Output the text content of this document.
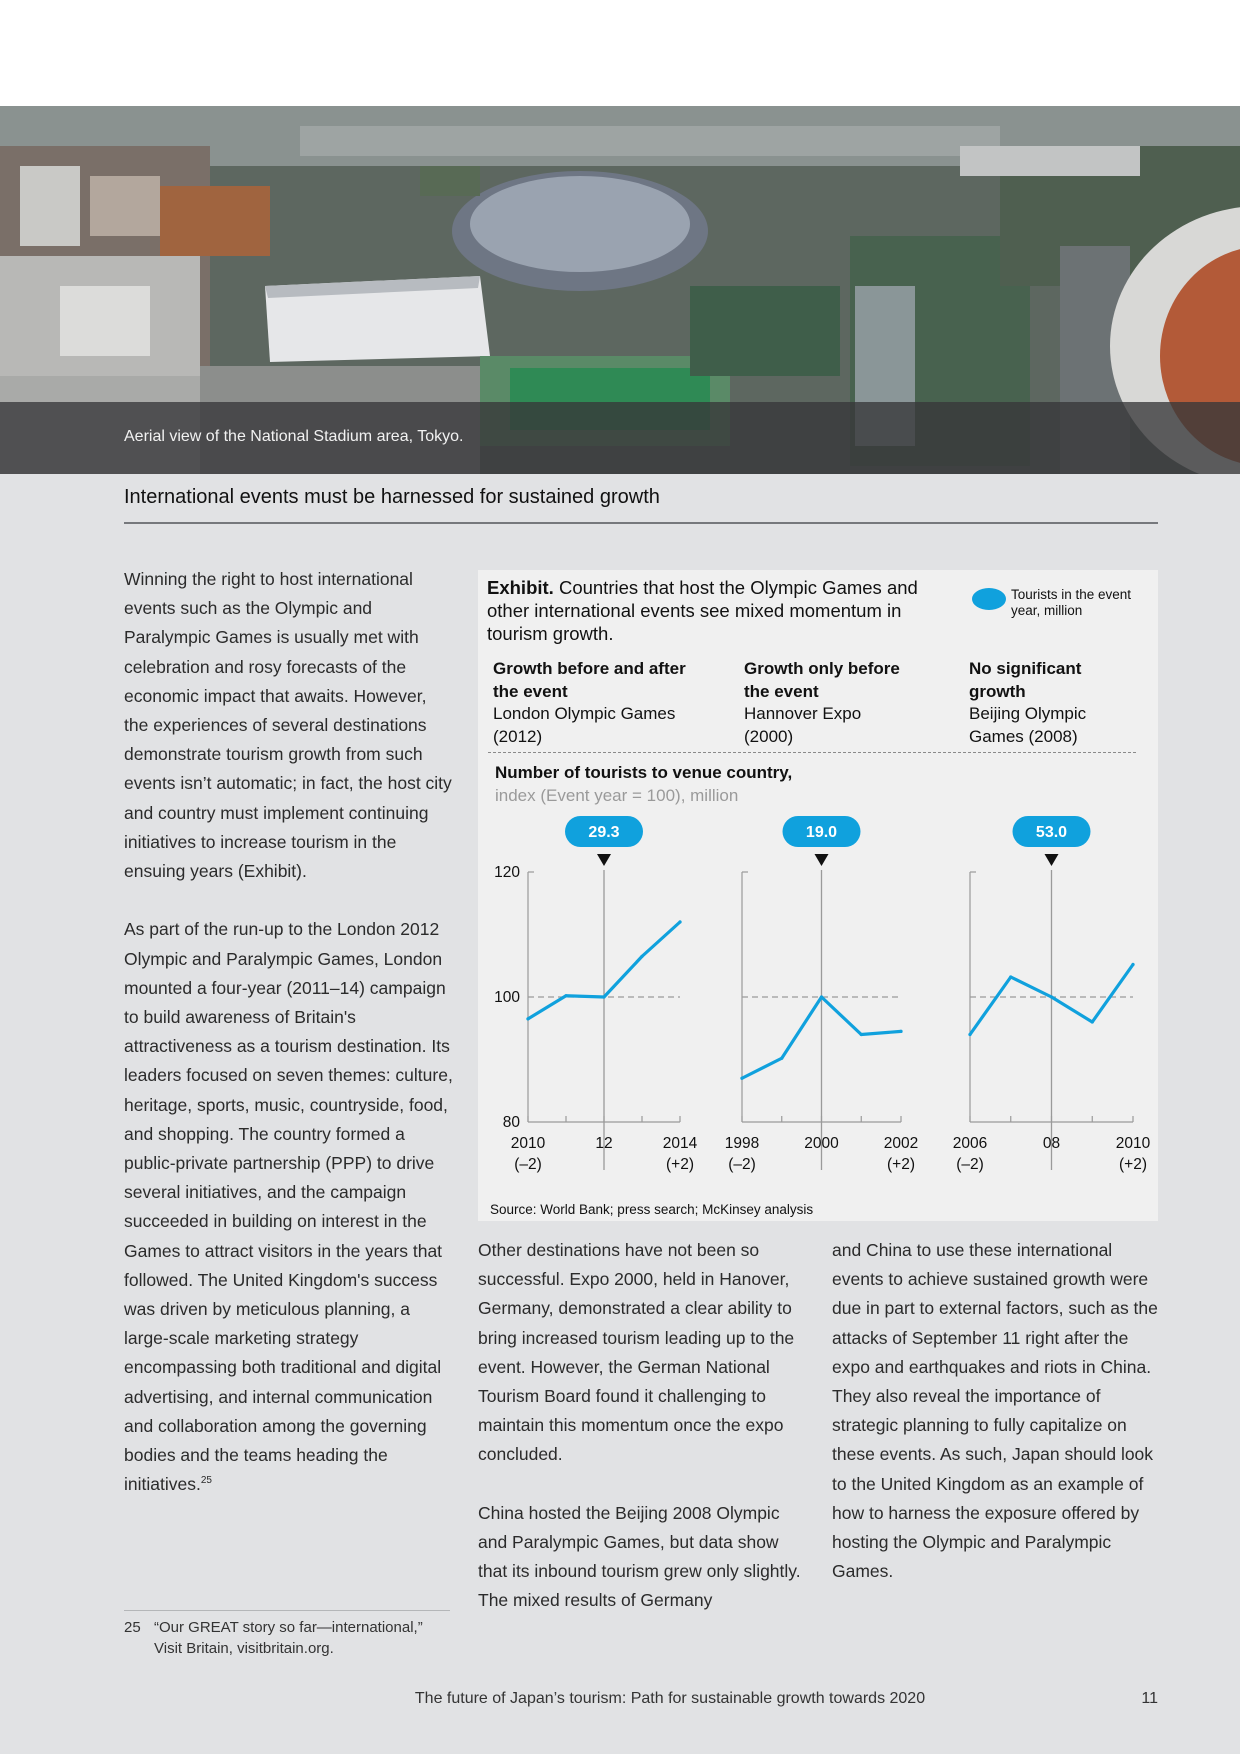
Aerial view of the National Stadium area, Tokyo.
International events must be harnessed for sustained growth

Winning the right to host international events such as the Olympic and Paralympic Games is usually met with celebration and rosy forecasts of the economic impact that awaits. However, the experiences of several destinations demonstrate tourism growth from such events isn’t automatic; in fact, the host city and country must implement continuing initiatives to increase tourism in the ensuing years (Exhibit).

As part of the run-up to the London 2012 Olympic and Paralympic Games, London mounted a four-year (2011–14) campaign to build awareness of Britain's attractiveness as a tourism destination. Its leaders focused on seven themes: culture, heritage, sports, music, countryside, food, and shopping. The country formed a public-private partnership (PPP) to drive several initiatives, and the campaign succeeded in building on interest in the Games to attract visitors in the years that followed. The United Kingdom's success was driven by meticulous planning, a large-scale marketing strategy encompassing both traditional and digital advertising, and internal communication and collaboration among the governing bodies and the teams heading the initiatives.$^{25}$

Other destinations have not been so successful. Expo 2000, held in Hanover, Germany, demonstrated a clear ability to bring increased tourism leading up to the event. However, the German National Tourism Board found it challenging to maintain this momentum once the expo concluded.

China hosted the Beijing 2008 Olympic and Paralympic Games, but data show that its inbound tourism grew only slightly. The mixed results of Germany

and China to use these international events to achieve sustained growth were due in part to external factors, such as the attacks of September 11 right after the expo and earthquakes and riots in China. They also reveal the importance of strategic planning to fully capitalize on these events. As such, Japan should look to the United Kingdom as an example of how to harness the exposure offered by hosting the Olympic and Paralympic Games.

25 “Our GREAT story so far—international,” Visit Britain, visitbritain.org.
The future of Japan’s tourism: Path for sustainable growth towards 2020	11
Exhibit. Countries that host the Olympic Games and other international events see mixed momentum in tourism growth.
Tourists in the event year, million
Growth before and after the event
London Olympic Games (2012)
Growth only before the event
Hannover Expo (2000)
No significant growth
Beijing Olympic Games (2008)
Number of tourists to venue country,
index (Event year = 100), million
120
100
80
29.3
2010
(–2)
12	2014
(+2)
19.0
1998
(–2)
2000	2002
(+2)
53.0
2006
(–2)
08	2010
(+2)
Source: World Bank; press search; McKinsey analysis
